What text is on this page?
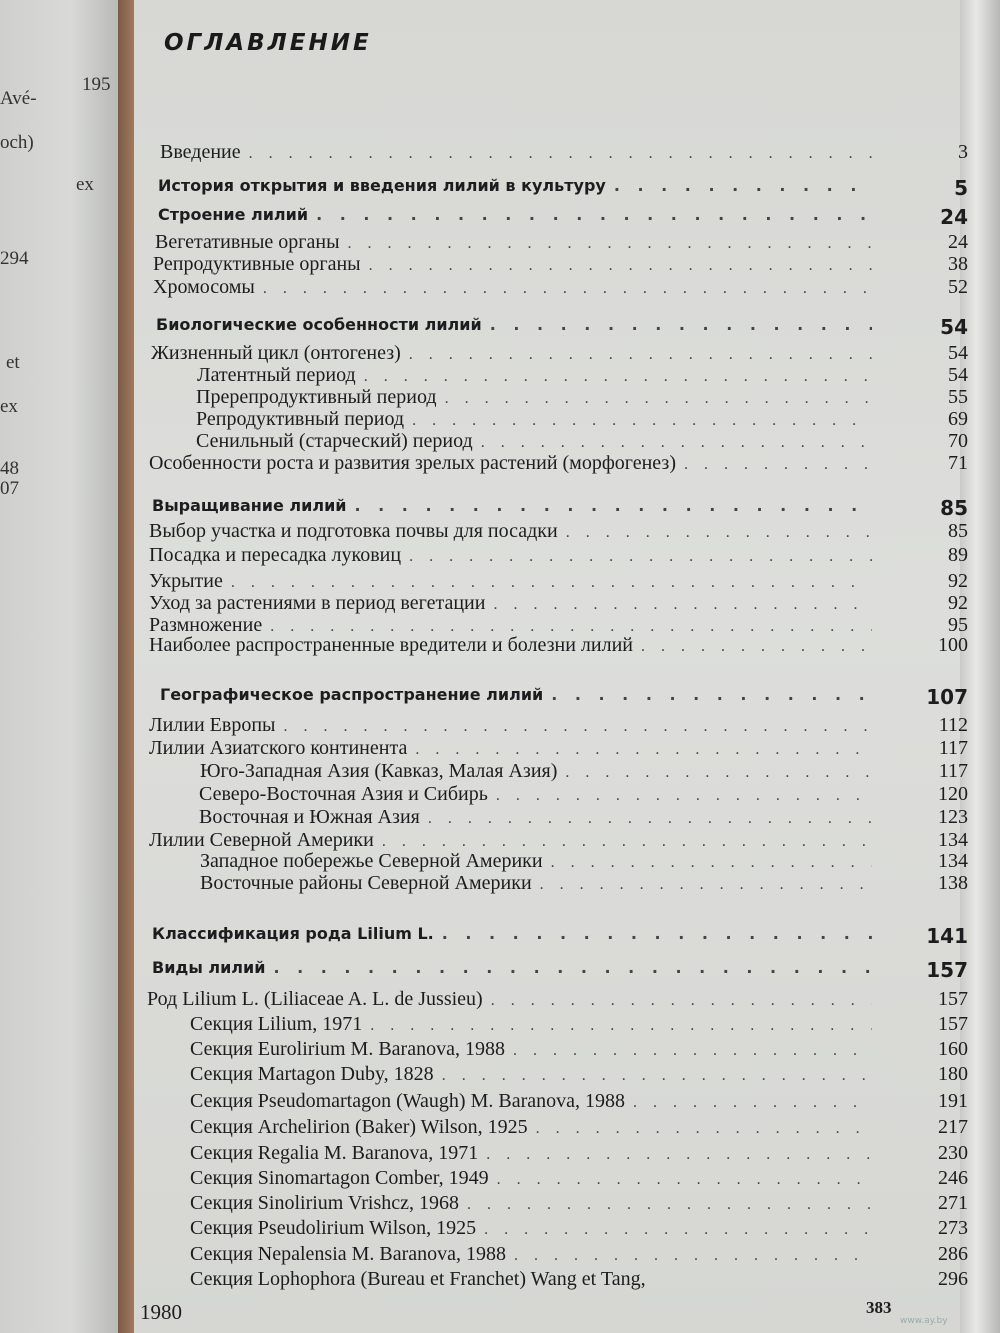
195
Avé-
och)
ex
294
et
ex
48
07
ОГЛАВЛЕНИЕ
Введение . . .	3
История открытия и введения лилий в культуру . . .	5
Строение лилий . . .	24
Вегетативные органы . . .	24
Репродуктивные органы . . .	38
Хромосомы . . .	52
Биологические особенности лилий . . .	54
Жизненный цикл (онтогенез) . . .	54
Латентный период . . .	54
Пререпродуктивный период . . .	55
Репродуктивный период . . .	69
Сенильный (старческий) период . . .	70
Особенности роста и развития зрелых растений (морфогенез) . . .	71
Выращивание лилий . . .	85
Выбор участка и подготовка почвы для посадки . . .	85
Посадка и пересадка луковиц . . .	89
Укрытие . . .	92
Уход за растениями в период вегетации . . .	92
Размножение . . .	95
Наиболее распространенные вредители и болезни лилий . . .	100
Географическое распространение лилий . . .	107
Лилии Европы . . .	112
Лилии Азиатского континента . . .	117
Юго-Западная Азия (Кавказ, Малая Азия) . . .	117
Северо-Восточная Азия и Сибирь . . .	120
Восточная и Южная Азия . . .	123
Лилии Северной Америки . . .	134
Западное побережье Северной Америки . . .	134
Восточные районы Северной Америки . . .	138
Классификация рода Lilium L. . . .	141
Виды лилий . . .	157
Род Lilium L. (Liliaceae A. L. de Jussieu) . . .	157
Секция Lilium, 1971 . . .	157
Секция Eurolirium M. Baranova, 1988 . . .	160
Секция Martagon Duby, 1828 . . .	180
Секция Pseudomartagon (Waugh) M. Baranova, 1988 . . .	191
Секция Archelirion (Baker) Wilson, 1925 . . .	217
Секция Regalia M. Baranova, 1971 . . .	230
Секция Sinomartagon Comber, 1949 . . .	246
Секция Sinolirium Vrishcz, 1968 . . .	271
Секция Pseudolirium Wilson, 1925 . . .	273
Секция Nepalensia M. Baranova, 1988 . . .	286
Секция Lophophora (Bureau et Franchet) Wang et Tang,	296
1980	383
www.ay.by
